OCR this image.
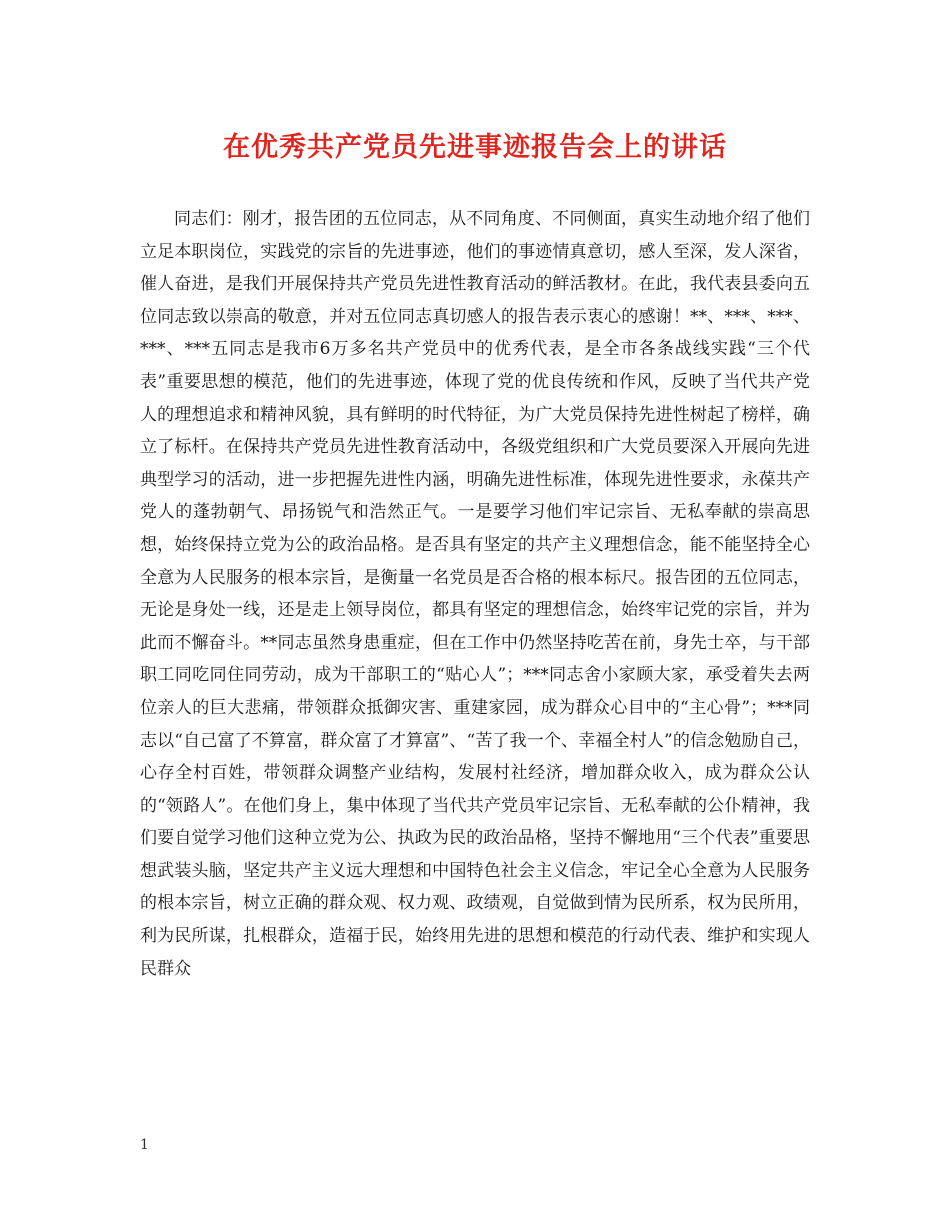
在优秀共产党员先进事迹报告会上的讲话

同志们：刚才，报告团的五位同志，从不同角度、不同侧面，真实生动地介绍了他们立足本职岗位，实践党的宗旨的先进事迹，他们的事迹情真意切，感人至深，发人深省，催人奋进，是我们开展保持共产党员先进性教育活动的鲜活教材。在此，我代表县委向五位同志致以崇高的敬意，并对五位同志真切感人的报告表示衷心的感谢！**、***、***、***、***五同志是我市6万多名共产党员中的优秀代表，是全市各条战线实践“三个代表”重要思想的模范，他们的先进事迹，体现了党的优良传统和作风，反映了当代共产党人的理想追求和精神风貌，具有鲜明的时代特征，为广大党员保持先进性树起了榜样，确立了标杆。在保持共产党员先进性教育活动中，各级党组织和广大党员要深入开展向先进典型学习的活动，进一步把握先进性内涵，明确先进性标准，体现先进性要求，永葆共产党人的蓬勃朝气、昂扬锐气和浩然正气。一是要学习他们牢记宗旨、无私奉献的崇高思想，始终保持立党为公的政治品格。是否具有坚定的共产主义理想信念，能不能坚持全心全意为人民服务的根本宗旨，是衡量一名党员是否合格的根本标尺。报告团的五位同志，无论是身处一线，还是走上领导岗位，都具有坚定的理想信念，始终牢记党的宗旨，并为此而不懈奋斗。**同志虽然身患重症，但在工作中仍然坚持吃苦在前，身先士卒，与干部职工同吃同住同劳动，成为干部职工的“贴心人”；***同志舍小家顾大家，承受着失去两位亲人的巨大悲痛，带领群众抵御灾害、重建家园，成为群众心目中的“主心骨”；***同志以“自己富了不算富，群众富了才算富”、“苦了我一个、幸福全村人”的信念勉励自己，心存全村百姓，带领群众调整产业结构，发展村社经济，增加群众收入，成为群众公认的“领路人”。在他们身上，集中体现了当代共产党员牢记宗旨、无私奉献的公仆精神，我们要自觉学习他们这种立党为公、执政为民的政治品格，坚持不懈地用“三个代表”重要思想武装头脑，坚定共产主义远大理想和中国特色社会主义信念，牢记全心全意为人民服务的根本宗旨，树立正确的群众观、权力观、政绩观，自觉做到情为民所系，权为民所用，利为民所谋，扎根群众，造福于民，始终用先进的思想和模范的行动代表、维护和实现人民群众

1
